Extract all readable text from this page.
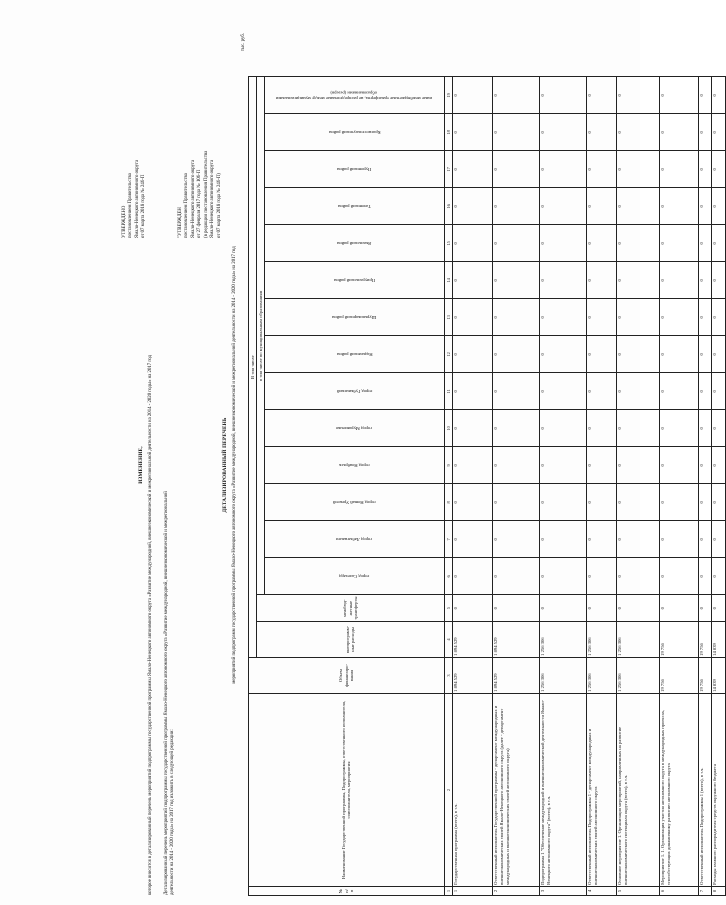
УТВЕРЖДЕНО постановлением Правительства Ямало-Ненецкого автономного округа от 07 марта 2018 года № 246-П
ИЗМЕНЕНИЕ, которое вносится в детализированный перечень мероприятий подпрограммы государственной программы Ямало-Ненецкого автономного округа «Развитие международной, внешнеэкономической и межрегиональной деятельности на 2014 - 2020 годы» на 2017 год	Детализированный перечень мероприятий подпрограммы государственной программы Ямало-Ненецкого автономного округа «Развитие международной, внешнеэкономической и межрегиональной деятельности на 2014 - 2020 годы» на 2017 год изложить в следующей редакции:
"УТВЕРЖДЕН постановлением Правительства Ямало-Ненецкого автономного округа от 27 февраля 2017 года № 106-П (в редакции постановления Правительства Ямало-Ненецкого автономного округа от 07 марта 2018 года № 246-П)
ДЕТАЛИЗИРОВАННЫЙ ПЕРЕЧЕНЬ мероприятий подпрограмм государственной программы Ямало-Ненецкого автономного округа «Развитие международной, внешнеэкономической и межрегиональной деятельности на 2014 - 2020 годы» на 2017 год
тыс. руб.
№ п/п	Наименование Государственной программы, Подпрограммы, ответственного исполнителя, соисполнителя, мероприятия	Объем финансиро-вания	В том числе															
			внепрограмм-ные расходы	межбюд-жетные трансферты	в том числе по муниципальным образованиям													

					город Салехард	город Лабытнанги	город Новый Уренгой	город Ноябрьск	город Муравленко	город Губкинский	Надымский район	Шурышкарский район	Приуральский район	Ямальский район	Тазовский район	Пуровский район	Красноселькупский район	иные межбюджетные трансферты, не распределенные между муниципальными образованиями (резерв)

1	2	3	4	5	6	7	8	9	10	11	12	13	14	15	16	17	18	19
1	Государственная программа (всего), в т.ч.	1 894 529	1 894 529	0	0	0	0	0	0	0	0	0	0	0	0	0	0	0
2	Ответственный исполнитель Государственной программы - департамент международных и внешнеэкономических связей Ямало-Ненецкого автономного округа (далее - департамент международных и внешнеэкономических связей автономного округа)	1 894 529	1 894 529	0	0	0	0	0	0	0	0	0	0	0	0	0	0	0
3	Подпрограмма 1 "Обеспечение международной и внешнеэкономической деятельности Ямало-Ненецкого автономного округа" (всего), в т.ч.	1 256 306	1 256 306	0	0	0	0	0	0	0	0	0	0	0	0	0	0	0
4	Ответственный исполнитель Подпрограммы 1 - департамент международных и внешнеэкономических связей автономного округа	1 256 306	1 256 306	0	0	0	0	0	0	0	0	0	0	0	0	0	0	0
5	Основное мероприятие 1. Организация мероприятий, направленных на развитие внешнеэкономического потенциала округа (всего), в т.ч.	1 256 306	1 256 306	0	0	0	0	0	0	0	0	0	0	0	0	0	0	0
6	Мероприятие 1. 1. Организация участия автономного округа в международных проектах, способствующих динамичному развитию автономного округа	19 756	19 756	0	0	0	0	0	0	0	0	0	0	0	0	0	0	0
7	Ответственный исполнитель Подпрограммы 1 (всего), в т.ч.	19 756	19 756	0	0	0	0	0	0	0	0	0	0	0	0	0	0	0
8	Расходы главного распорядителя средств окружного бюджета	14 839	14 839	0	0	0	0	0	0	0	0	0	0	0	0	0	0	0
